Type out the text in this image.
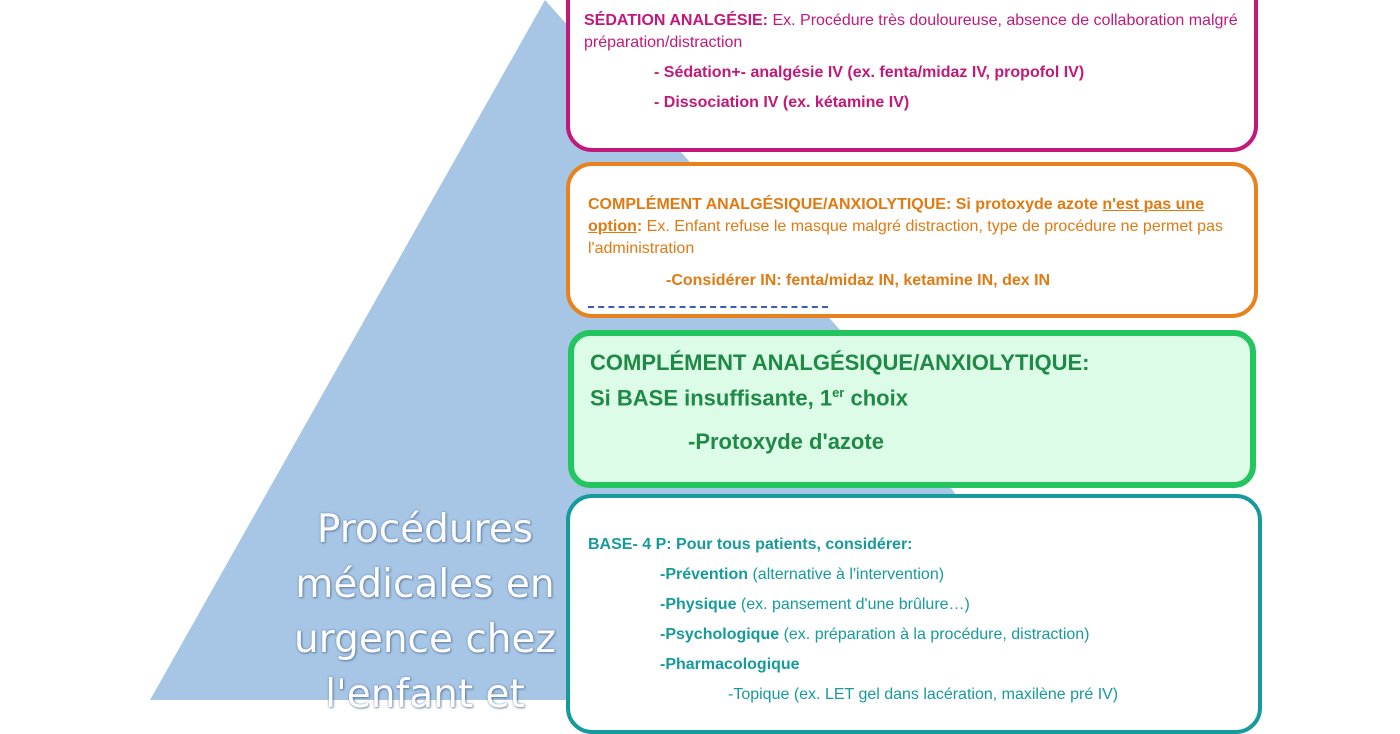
Procédures
médicales en
urgence chez
l'enfant et

SÉDATION ANALGÉSIE: Ex. Procédure très douloureuse, absence de collaboration malgré préparation/distraction

- Sédation+- analgésie IV (ex. fenta/midaz IV, propofol IV)

- Dissociation IV (ex. kétamine IV)

COMPLÉMENT ANALGÉSIQUE/ANXIOLYTIQUE: Si protoxyde azote n'est pas une option: Ex. Enfant refuse le masque malgré distraction, type de procédure ne permet pas l'administration

-Considérer IN: fenta/midaz IN, ketamine IN, dex IN

COMPLÉMENT ANALGÉSIQUE/ANXIOLYTIQUE:

Si BASE insuffisante, 1er choix

-Protoxyde d'azote

BASE- 4 P: Pour tous patients, considérer:

-Prévention (alternative à l'intervention)

-Physique (ex. pansement d'une brûlure…)

-Psychologique (ex. préparation à la procédure, distraction)

-Pharmacologique

-Topique (ex. LET gel dans lacération, maxilène pré IV)
